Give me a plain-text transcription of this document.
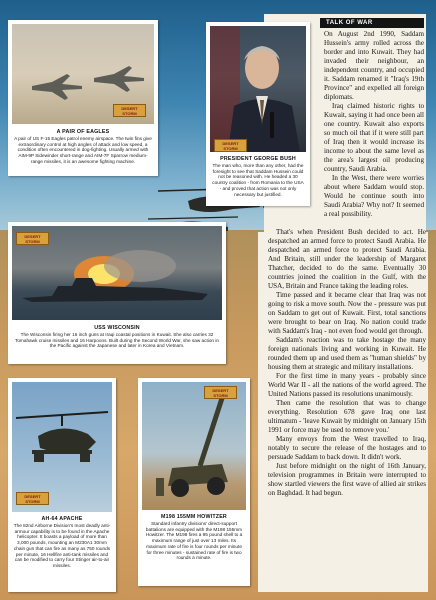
TALK OF WAR

On August 2nd 1990, Saddam Hussein's army rolled across the border and into Kuwait. They had invaded their neighbour, an independent country, and occupied it. Saddam renamed it "Iraq's 19th Province" and expelled all foreign diplomats.

Iraq claimed historic rights to Kuwait, saying it had once been all one country. Kuwait also exports so much oil that if it were still part of Iraq then it would increase its income to about the same level as the area's largest oil producing country, Saudi Arabia.

In the West, there were worries about where Saddam would stop. Would he continue south into Saudi Arabia? Why not? It seemed a real possibility.

That's when President Bush decided to act. He despatched an armed force to protect Saudi Arabia. He despatched an armed force to protect Saudi Arabia. And Britain, still under the leadership of Margaret Thatcher, decided to do the same. Eventually 30 countries joined the coalition in the Gulf, with the USA, Britain and France taking the leading roles.

Time passed and it became clear that Iraq was not going to risk a move south. Now the - pressure was put on Saddam to get out of Kuwait. First, total sanctions were brought to bear on Iraq. No nation could trade with Saddam's Iraq - not even food would get through.

Saddam's reaction was to take hostage the many foreign nationals living and working in Kuwait. He rounded them up and used them as "human shields" by housing them at strategic and military installations.

For the first time in many years - probably since World War II - all the nations of the world agreed. The United Nations passed its resolutions unanimously.

Then came the resolution that was to change everything. Resolution 678 gave Iraq one last ultimatum - 'leave Kuwait by midnight on January 15th 1991 or force may be used to remove you.'

Many envoys from the West travelled to Iraq, notably to secure the release of the hostages and to persuade Saddam to back down. It didn't work.

Just before midnight on the night of 16th January, television programmes in Britain were interrupted to show startled viewers the first wave of allied air strikes on Baghdad. It had begun.

DESERT STORM
A PAIR OF EAGLES
A pair of US F-15 Eagles patrol enemy airspace. The twin fins give extraordinary control at high angles of attack and low speed, a condition often encountered in dog-fighting. Usually armed with AIM-9P Sidewinder short-range and AIM-7F Sparrow medium-range missiles, it is an awesome fighting machine.
DESERT STORM
PRESIDENT GEORGE BUSH
The man who, more than any other, had the foresight to see that Saddam Hussein could not be reasoned with. He headed a 30 country coalition - from Romania to the USA - and proved that action was not only necessary but justified.
DESERT STORM
USS WISCONSIN
The Wisconsin firing her 16 inch guns at Iraqi coastal positions in Kuwait. She also carries 32 Tomahawk cruise missiles and 16 Harpoons. Built during the Second World War, she saw action in the Pacific against the Japanese and later in Korea and Vietnam.
DESERT STORM
AH-64 APACHE
The 82nd Airborne Division's most deadly anti-armour capability is to be found in the Apache helicopter. It boasts a payload of more than 3,000 pounds, mounting an M230A1 30mm chain gun that can fire as many as 750 rounds per minute, 16 Hellfire anti-tank missiles and can be modified to carry four Stinger air-to-air missiles.
DESERT STORM
M198 155MM HOWITZER
Standard infantry divisions' direct-support battalions are equipped with the M198 155mm Howitzer. The M198 fires a 95 pound shell to a maximum range of just over 13 miles. Its maximum rate of fire is four rounds per minute for three minutes - sustained rate of fire is two rounds a minute.
